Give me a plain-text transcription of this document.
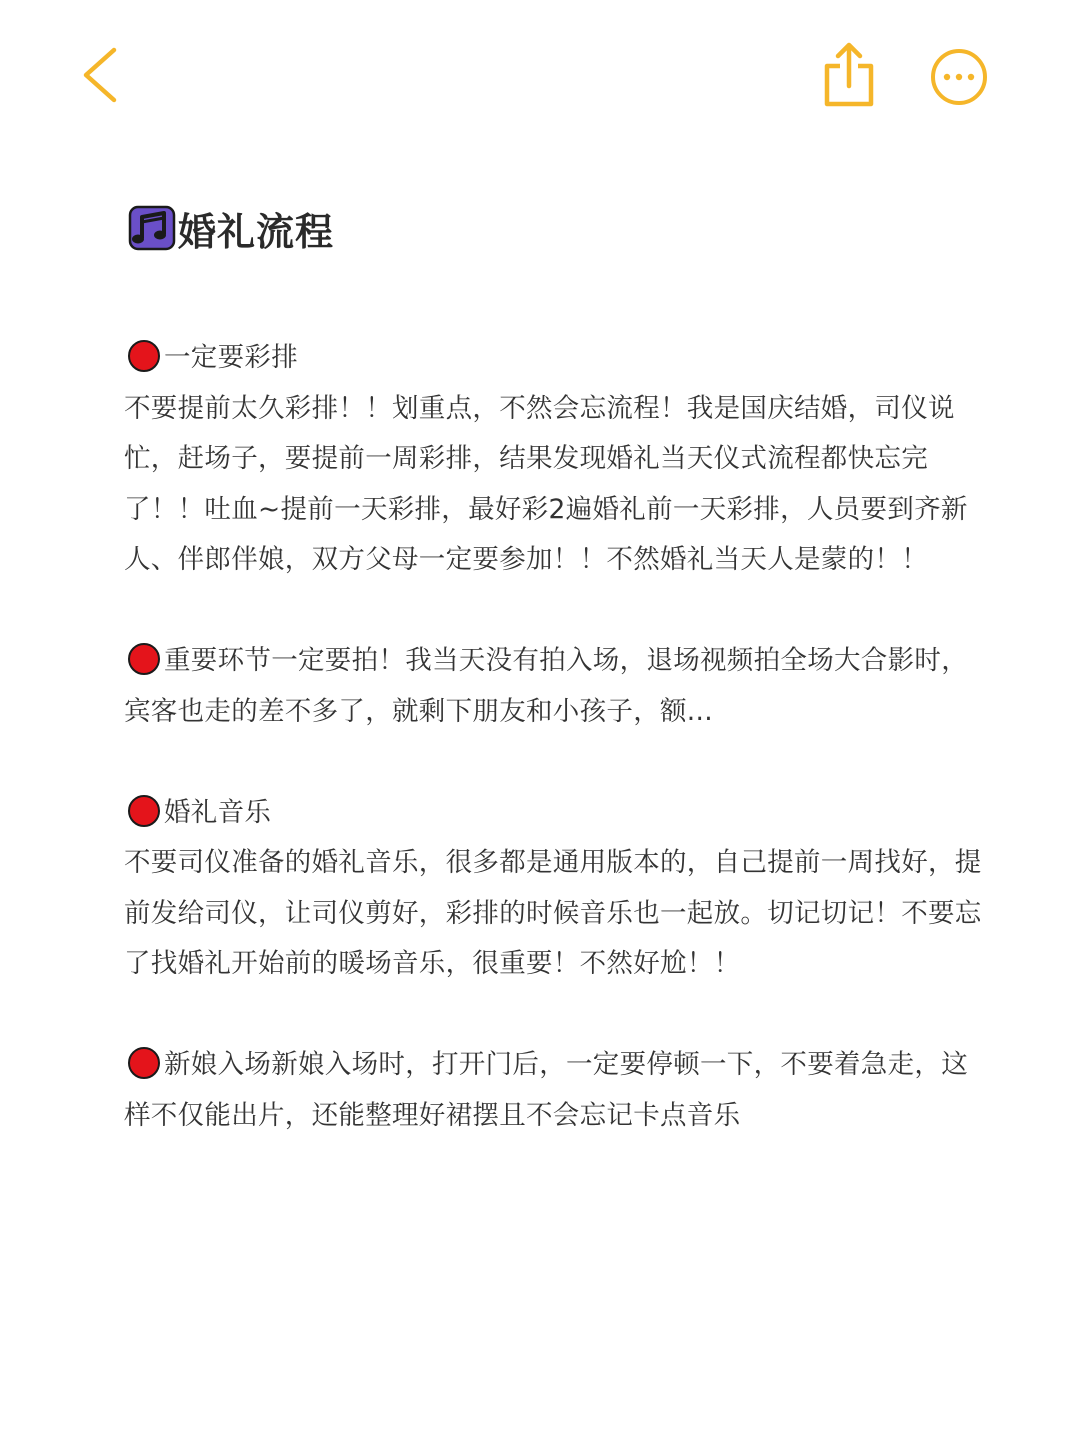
婚礼流程
一定要彩排
不要提前太久彩排！！划重点，不然会忘流程！我是国庆结婚，司仪说忙，赶场子，要提前一周彩排，结果发现婚礼当天仪式流程都快忘完了！！吐血~提前一天彩排，最好彩2遍婚礼前一天彩排，人员要到齐新人、伴郎伴娘，双方父母一定要参加！！不然婚礼当天人是蒙的！！
重要环节一定要拍！我当天没有拍入场，退场视频拍全场大合影时，宾客也走的差不多了，就剩下朋友和小孩子，额...
婚礼音乐
不要司仪准备的婚礼音乐，很多都是通用版本的，自己提前一周找好，提前发给司仪，让司仪剪好，彩排的时候音乐也一起放。切记切记！不要忘了找婚礼开始前的暖场音乐，很重要！不然好尬！！
新娘入场新娘入场时，打开门后，一定要停顿一下，不要着急走，这样不仅能出片，还能整理好裙摆且不会忘记卡点音乐
